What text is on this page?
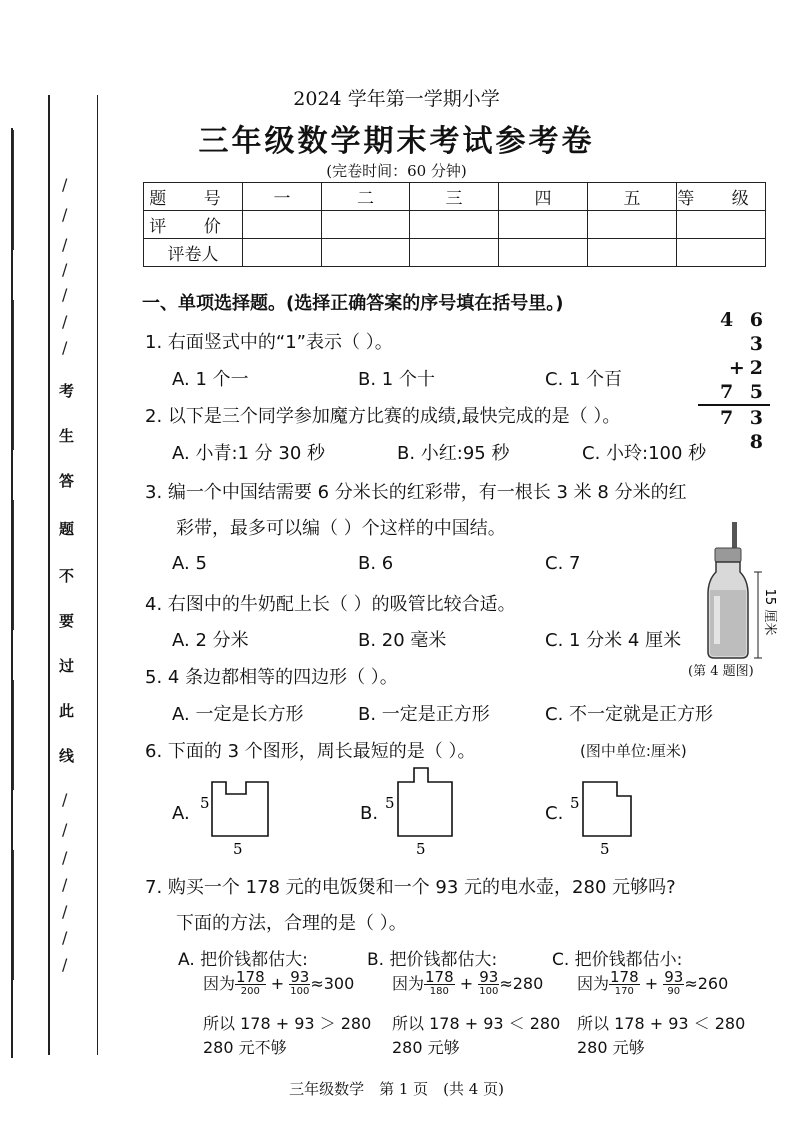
/
/
/
/
/
/
/
/
/
/
/
/
/
/
考
生
答
题
不
要
过
此
线
2024 学年第一学期小学
三年级数学期末考试参考卷
(完卷时间：60 分钟)
题 号	一	二	三	四	五	等 级
评 价						
评卷人						
一、单项选择题。(选择正确答案的序号填在括号里。)
4 6 3
+2 7 5
7 3 8
1. 右面竖式中的“1”表示（ ）。
A. 1 个一	B. 1 个十	C. 1 个百
2. 以下是三个同学参加魔方比赛的成绩,最快完成的是（ ）。
A. 小青:1 分 30 秒	B. 小红:95 秒	C. 小玲:100 秒
3. 编一个中国结需要 6 分米长的红彩带，有一根长 3 米 8 分米的红
彩带，最多可以编（ ）个这样的中国结。
A. 5	B. 6	C. 7
15 厘米
(第 4 题图)
4. 右图中的牛奶配上长（ ）的吸管比较合适。
A. 2 分米	B. 20 毫米	C. 1 分米 4 厘米
5. 4 条边都相等的四边形（ ）。
A. 一定是长方形	B. 一定是正方形	C. 不一定就是正方形
6. 下面的 3 个图形，周长最短的是（ ）。	(图中单位:厘米)
A.	B.	C.
5
5
5
5
5
5
7. 购买一个 178 元的电饭煲和一个 93 元的电水壶，280 元够吗?
下面的方法，合理的是（ ）。
A. 把价钱都估大:
因为 $\frac{178}{200} + \frac{93}{100} \approx 300$
所以 178 + 93 ＞ 280
280 元不够
B. 把价钱都估大:
因为 $\frac{178}{180} + \frac{93}{100} \approx 280$
所以 178 + 93 ＜ 280
280 元够
C. 把价钱都估小:
因为 $\frac{178}{170} + \frac{93}{90} \approx 260$
所以 178 + 93 ＜ 280
280 元够
三年级数学　第 1 页　(共 4 页)
